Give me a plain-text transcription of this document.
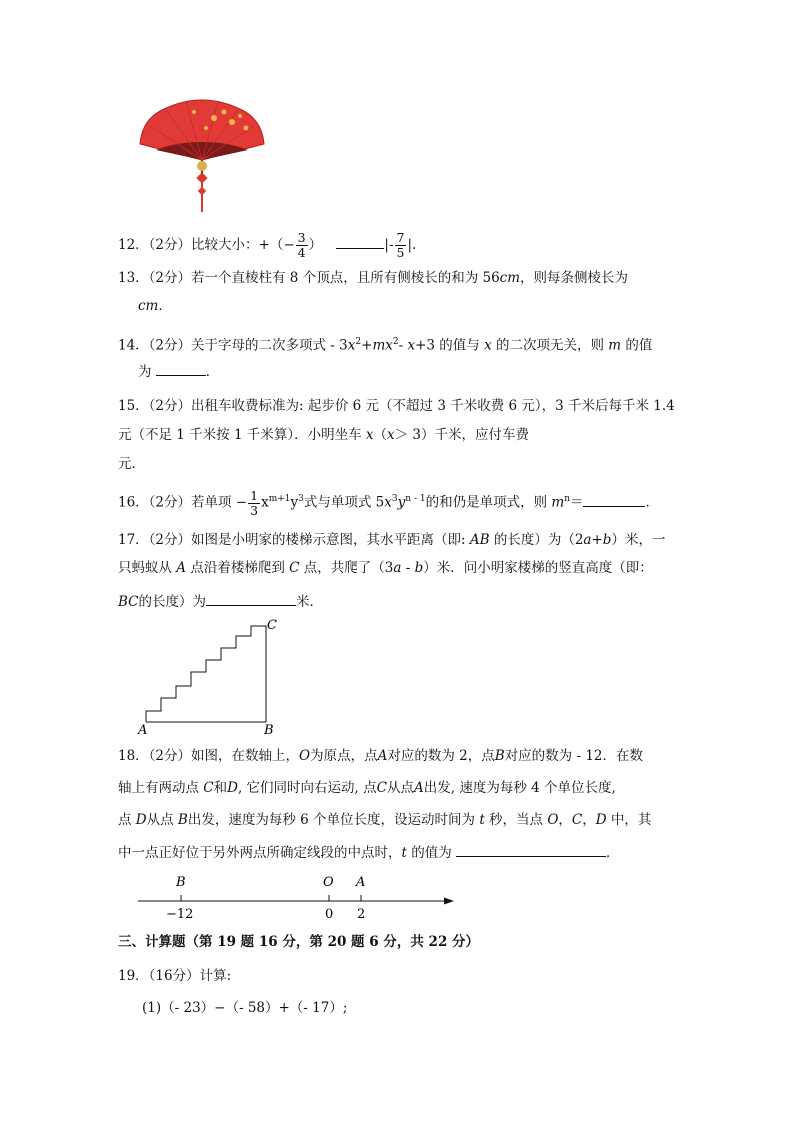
12．（2分）比较大小：+（− $\frac{3}{4}$ ）	|- $\frac{7}{5}$ |.
13．（2分）若一个直棱柱有 8 个顶点，且所有侧棱长的和为 56cm，则每条侧棱长为
cm．
14．（2分）关于字母的二次多项式 - $3x^2+mx^2-$ x+3 的值与 x 的二次项无关，则 m 的值
为	．
15．（2分）出租车收费标准为: 起步价 6 元（不超过 3 千米收费 6 元），3 千米后每千米 1.4
元（不足 1 千米按 1 千米算）．小明坐车 x（x＞ 3）千米，应付车费
元．
16．（2分）若单项 − $\frac{1}{3} x^{m+1}y^3$式与单项式 $5x^3y^{n - 1}$的和仍是单项式，则 $m^n=$	．
17．（2分）如图是小明家的楼梯示意图，其水平距离（即: AB 的长度）为（2a+b）米，一
只蚂蚁从 A 点沿着楼梯爬到 C 点，共爬了（3a - b）米．问小明家楼梯的竖直高度（即：
BC的长度）为	米．
A	B
C
18．（2分）如图，在数轴上，O为原点，点A对应的数为 2，点B对应的数为 - 12．在数
轴上有两动点 C和D, 它们同时向右运动, 点C从点A出发, 速度为每秒 4 个单位长度,
点 D从点 B出发，速度为每秒 6 个单位长度，设运动时间为 t 秒，当点 O，C，D 中，其
中一点正好位于另外两点所确定线段的中点时，t 的值为	．
B	O A
−12	0 2
三、计算题（第 19 题 16 分，第 20 题 6 分，共 22 分）
19．（16分）计算:
(1)（- 23）−（- 58）+（- 17）;
